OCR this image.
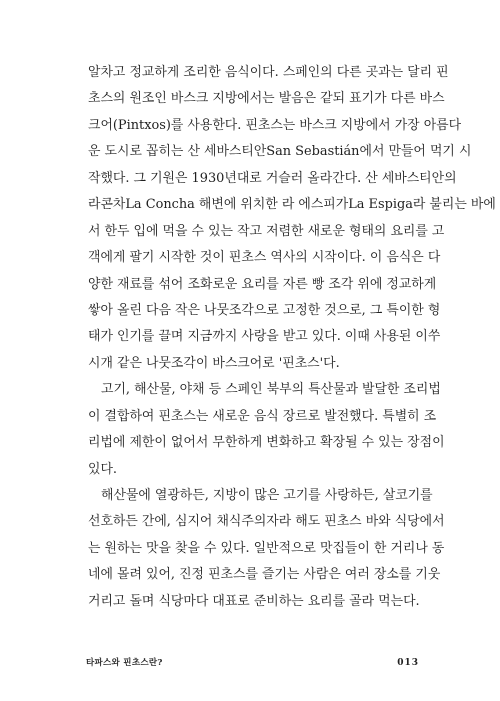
알차고 정교하게 조리한 음식이다. 스페인의 다른 곳과는 달리 핀
초스의 원조인 바스크 지방에서는 발음은 같되 표기가 다른 바스
크어(Pintxos)를 사용한다. 핀초스는 바스크 지방에서 가장 아름다
운 도시로 꼽히는 산 세바스티안San Sebastián에서 만들어 먹기 시
작했다. 그 기원은 1930년대로 거슬러 올라간다. 산 세바스티안의
라콘차La Concha 해변에 위치한 라 에스피가La Espiga라 불리는 바에
서 한두 입에 먹을 수 있는 작고 저렴한 새로운 형태의 요리를 고
객에게 팔기 시작한 것이 핀초스 역사의 시작이다. 이 음식은 다
양한 재료를 섞어 조화로운 요리를 자른 빵 조각 위에 정교하게
쌓아 올린 다음 작은 나뭇조각으로 고정한 것으로, 그 특이한 형
태가 인기를 끌며 지금까지 사랑을 받고 있다. 이때 사용된 이쑤
시개 같은 나뭇조각이 바스크어로 '핀초스'다.
고기, 해산물, 야채 등 스페인 북부의 특산물과 발달한 조리법
이 결합하여 핀초스는 새로운 음식 장르로 발전했다. 특별히 조
리법에 제한이 없어서 무한하게 변화하고 확장될 수 있는 장점이
있다.
해산물에 열광하든, 지방이 많은 고기를 사랑하든, 살코기를
선호하든 간에, 심지어 채식주의자라 해도 핀초스 바와 식당에서
는 원하는 맛을 찾을 수 있다. 일반적으로 맛집들이 한 거리나 동
네에 몰려 있어, 진정 핀초스를 즐기는 사람은 여러 장소를 기웃
거리고 돌며 식당마다 대표로 준비하는 요리를 골라 먹는다.
타파스와 핀초스란?	013
